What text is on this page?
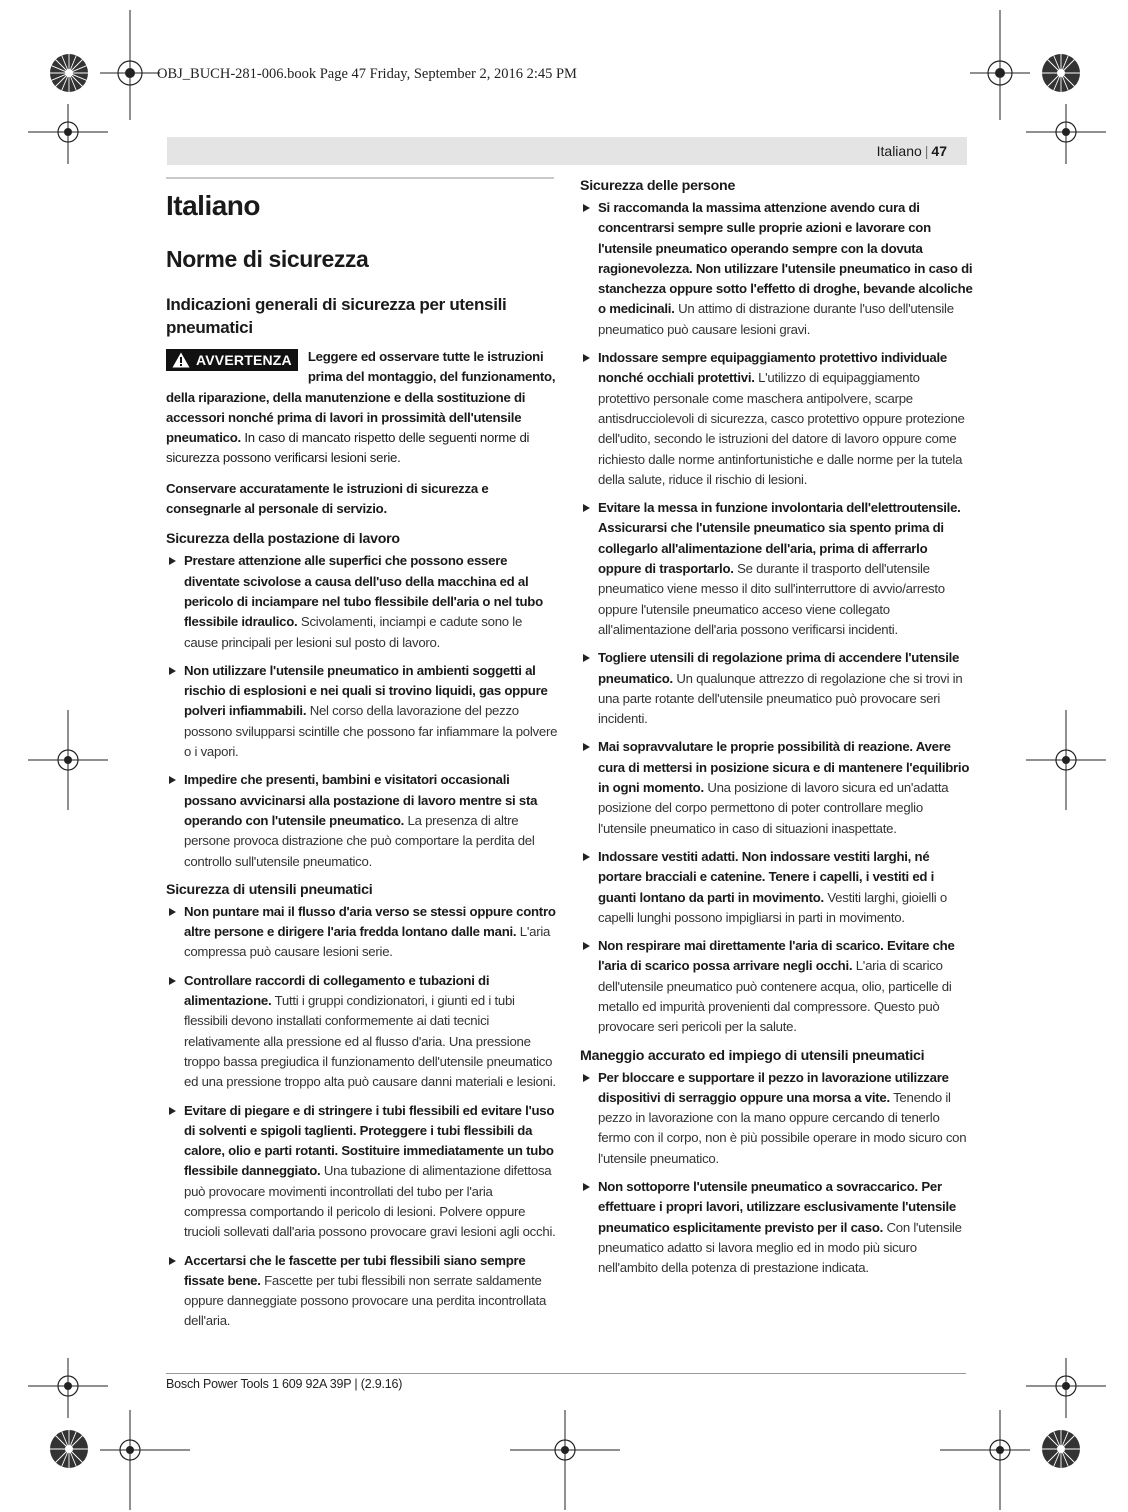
OBJ_BUCH-281-006.book Page 47 Friday, September 2, 2016 2:45 PM
Italiano | 47
Italiano
Norme di sicurezza
Indicazioni generali di sicurezza per utensili pneumatici
AVVERTENZA Leggere ed osservare tutte le istruzioni prima del montaggio, del funzionamento, della riparazione, della manutenzione e della sostituzione di accessori nonché prima di lavori in prossimità dell'utensile pneumatico. In caso di mancato rispetto delle seguenti norme di sicurezza possono verificarsi lesioni serie.

Conservare accuratamente le istruzioni di sicurezza e consegnarle al personale di servizio.

Sicurezza della postazione di lavoro
Prestare attenzione alle superfici che possono essere diventate scivolose a causa dell'uso della macchina ed al pericolo di inciampare nel tubo flessibile dell'aria o nel tubo flessibile idraulico. Scivolamenti, inciampi e cadute sono le cause principali per lesioni sul posto di lavoro.
Non utilizzare l'utensile pneumatico in ambienti soggetti al rischio di esplosioni e nei quali si trovino liquidi, gas oppure polveri infiammabili. Nel corso della lavorazione del pezzo possono svilupparsi scintille che possono far infiammare la polvere o i vapori.
Impedire che presenti, bambini e visitatori occasionali possano avvicinarsi alla postazione di lavoro mentre si sta operando con l'utensile pneumatico. La presenza di altre persone provoca distrazione che può comportare la perdita del controllo sull'utensile pneumatico.
Sicurezza di utensili pneumatici
Non puntare mai il flusso d'aria verso se stessi oppure contro altre persone e dirigere l'aria fredda lontano dalle mani. L'aria compressa può causare lesioni serie.
Controllare raccordi di collegamento e tubazioni di alimentazione. Tutti i gruppi condizionatori, i giunti ed i tubi flessibili devono installati conformemente ai dati tecnici relativamente alla pressione ed al flusso d'aria. Una pressione troppo bassa pregiudica il funzionamento dell'utensile pneumatico ed una pressione troppo alta può causare danni materiali e lesioni.
Evitare di piegare e di stringere i tubi flessibili ed evitare l'uso di solventi e spigoli taglienti. Proteggere i tubi flessibili da calore, olio e parti rotanti. Sostituire immediatamente un tubo flessibile danneggiato. Una tubazione di alimentazione difettosa può provocare movimenti incontrollati del tubo per l'aria compressa comportando il pericolo di lesioni. Polvere oppure trucioli sollevati dall'aria possono provocare gravi lesioni agli occhi.
Accertarsi che le fascette per tubi flessibili siano sempre fissate bene. Fascette per tubi flessibili non serrate saldamente oppure danneggiate possono provocare una perdita incontrollata dell'aria.
Sicurezza delle persone
Si raccomanda la massima attenzione avendo cura di concentrarsi sempre sulle proprie azioni e lavorare con l'utensile pneumatico operando sempre con la dovuta ragionevolezza. Non utilizzare l'utensile pneumatico in caso di stanchezza oppure sotto l'effetto di droghe, bevande alcoliche o medicinali. Un attimo di distrazione durante l'uso dell'utensile pneumatico può causare lesioni gravi.
Indossare sempre equipaggiamento protettivo individuale nonché occhiali protettivi. L'utilizzo di equipaggiamento protettivo personale come maschera antipolvere, scarpe antisdrucciolevoli di sicurezza, casco protettivo oppure protezione dell'udito, secondo le istruzioni del datore di lavoro oppure come richiesto dalle norme antinfortunistiche e dalle norme per la tutela della salute, riduce il rischio di lesioni.
Evitare la messa in funzione involontaria dell'elettroutensile. Assicurarsi che l'utensile pneumatico sia spento prima di collegarlo all'alimentazione dell'aria, prima di afferrarlo oppure di trasportarlo. Se durante il trasporto dell'utensile pneumatico viene messo il dito sull'interruttore di avvio/arresto oppure l'utensile pneumatico acceso viene collegato all'alimentazione dell'aria possono verificarsi incidenti.
Togliere utensili di regolazione prima di accendere l'utensile pneumatico. Un qualunque attrezzo di regolazione che si trovi in una parte rotante dell'utensile pneumatico può provocare seri incidenti.
Mai sopravvalutare le proprie possibilità di reazione. Avere cura di mettersi in posizione sicura e di mantenere l'equilibrio in ogni momento. Una posizione di lavoro sicura ed un'adatta posizione del corpo permettono di poter controllare meglio l'utensile pneumatico in caso di situazioni inaspettate.
Indossare vestiti adatti. Non indossare vestiti larghi, né portare bracciali e catenine. Tenere i capelli, i vestiti ed i guanti lontano da parti in movimento. Vestiti larghi, gioielli o capelli lunghi possono impigliarsi in parti in movimento.
Non respirare mai direttamente l'aria di scarico. Evitare che l'aria di scarico possa arrivare negli occhi. L'aria di scarico dell'utensile pneumatico può contenere acqua, olio, particelle di metallo ed impurità provenienti dal compressore. Questo può provocare seri pericoli per la salute.
Maneggio accurato ed impiego di utensili pneumatici
Per bloccare e supportare il pezzo in lavorazione utilizzare dispositivi di serraggio oppure una morsa a vite. Tenendo il pezzo in lavorazione con la mano oppure cercando di tenerlo fermo con il corpo, non è più possibile operare in modo sicuro con l'utensile pneumatico.
Non sottoporre l'utensile pneumatico a sovraccarico. Per effettuare i propri lavori, utilizzare esclusivamente l'utensile pneumatico esplicitamente previsto per il caso. Con l'utensile pneumatico adatto si lavora meglio ed in modo più sicuro nell'ambito della potenza di prestazione indicata.
Bosch Power Tools 1 609 92A 39P | (2.9.16)
